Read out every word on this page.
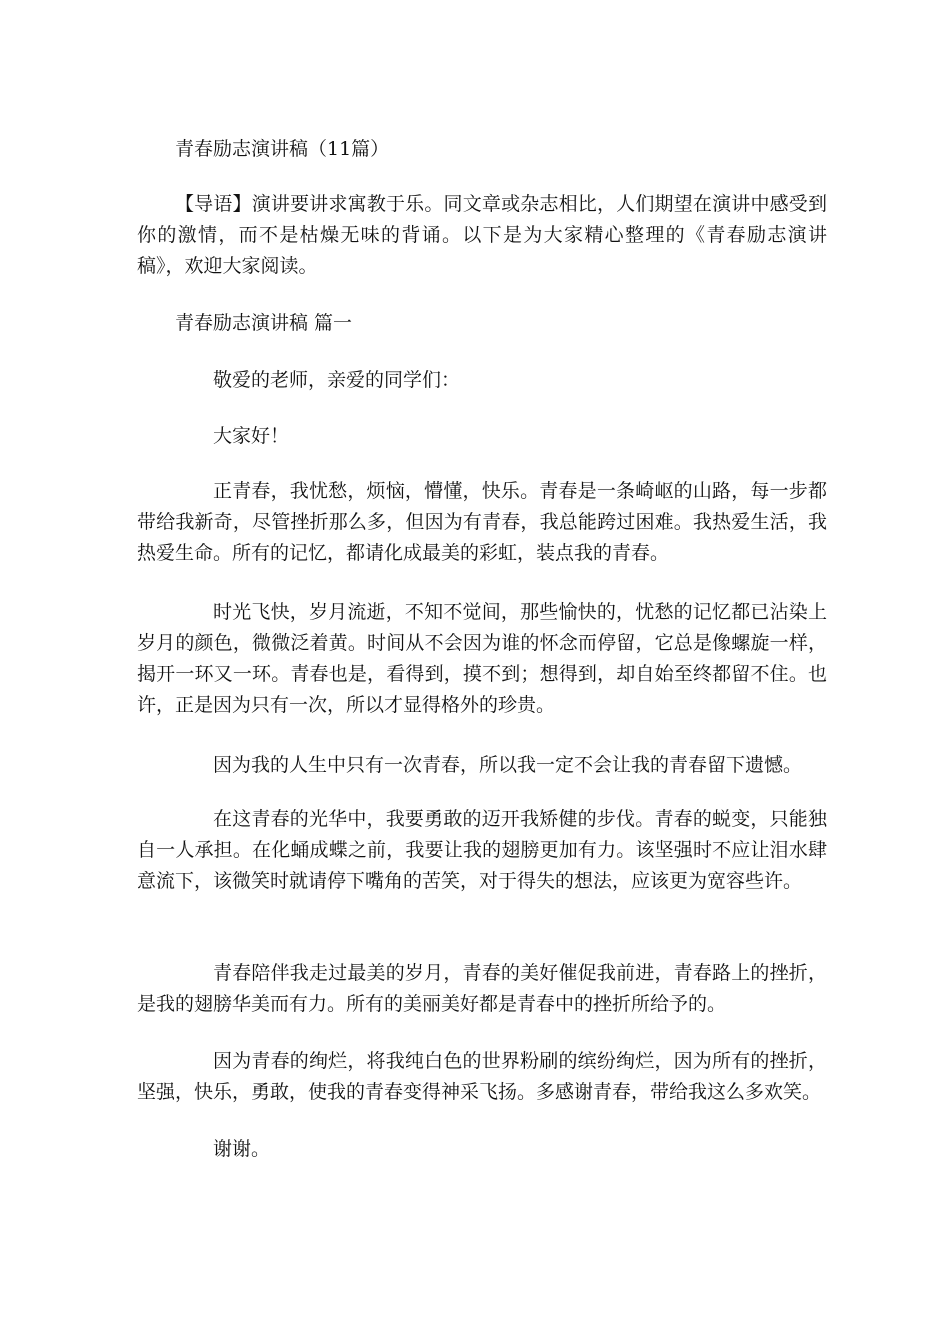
青春励志演讲稿（11篇）

【导语】演讲要讲求寓教于乐。同文章或杂志相比，人们期望在演讲中感受到你的激情，而不是枯燥无味的背诵。以下是为大家精心整理的《青春励志演讲稿》，欢迎大家阅读。

青春励志演讲稿 篇一

敬爱的老师，亲爱的同学们：

大家好！

正青春，我忧愁，烦恼，懵懂，快乐。青春是一条崎岖的山路，每一步都带给我新奇，尽管挫折那么多，但因为有青春，我总能跨过困难。我热爱生活，我热爱生命。所有的记忆，都请化成最美的彩虹，装点我的青春。

时光飞快，岁月流逝，不知不觉间，那些愉快的，忧愁的记忆都已沾染上岁月的颜色，微微泛着黄。时间从不会因为谁的怀念而停留，它总是像螺旋一样，揭开一环又一环。青春也是，看得到，摸不到；想得到，却自始至终都留不住。也许，正是因为只有一次，所以才显得格外的珍贵。

因为我的人生中只有一次青春，所以我一定不会让我的青春留下遗憾。

在这青春的光华中，我要勇敢的迈开我矫健的步伐。青春的蜕变，只能独自一人承担。在化蛹成蝶之前，我要让我的翅膀更加有力。该坚强时不应让泪水肆意流下，该微笑时就请停下嘴角的苦笑，对于得失的想法，应该更为宽容些许。

青春陪伴我走过最美的岁月，青春的美好催促我前进，青春路上的挫折，是我的翅膀华美而有力。所有的美丽美好都是青春中的挫折所给予的。

因为青春的绚烂，将我纯白色的世界粉刷的缤纷绚烂，因为所有的挫折，坚强，快乐，勇敢，使我的青春变得神采飞扬。多感谢青春，带给我这么多欢笑。

谢谢。
